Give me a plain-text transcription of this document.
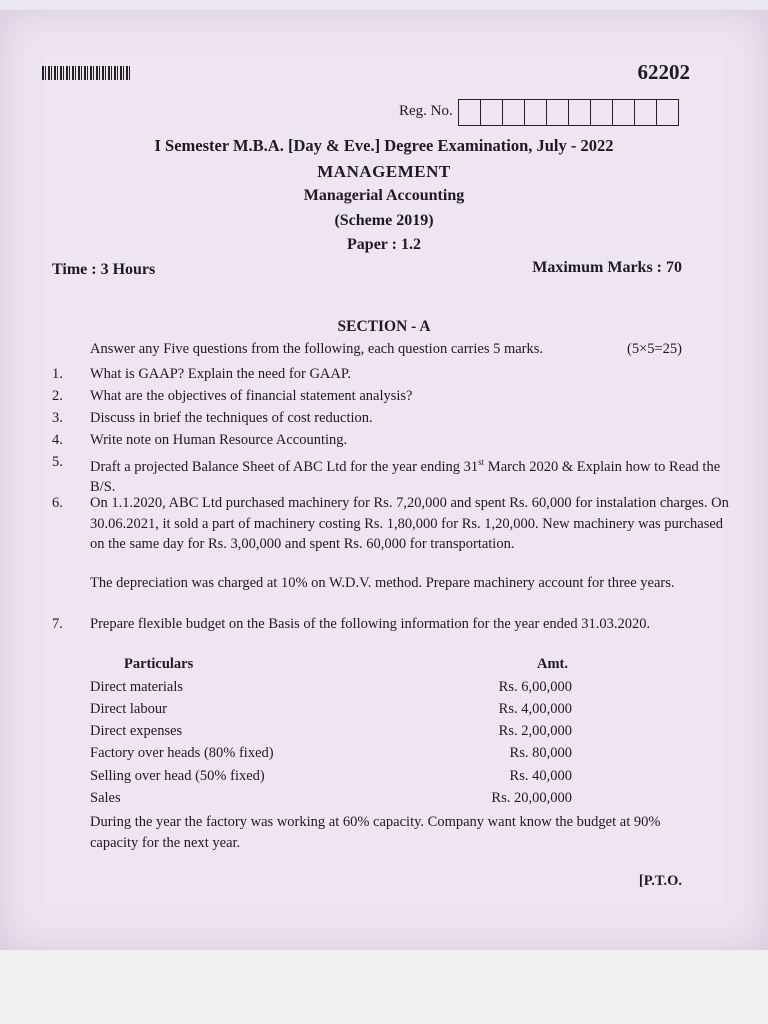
62202
Reg. No.
I Semester M.B.A. [Day & Eve.] Degree Examination, July - 2022
MANAGEMENT
Managerial Accounting
(Scheme 2019)
Paper : 1.2
Time : 3 Hours	Maximum Marks : 70
SECTION - A
Answer any Five questions from the following, each question carries 5 marks.	(5×5=25)
1.	What is GAAP? Explain the need for GAAP.
2.	What are the objectives of financial statement analysis?
3.	Discuss in brief the techniques of cost reduction.
4.	Write note on Human Resource Accounting.
5.	Draft a projected Balance Sheet of ABC Ltd for the year ending 31st March 2020 & Explain how to Read the B/S.
6.	On 1.1.2020, ABC Ltd purchased machinery for Rs. 7,20,000 and spent Rs. 60,000 for instalation charges. On 30.06.2021, it sold a part of machinery costing Rs. 1,80,000 for Rs. 1,20,000. New machinery was purchased on the same day for Rs. 3,00,000 and spent Rs. 60,000 for transportation.
The depreciation was charged at 10% on W.D.V. method. Prepare machinery account for three years.
7.	Prepare flexible budget on the Basis of the following information for the year ended 31.03.2020.
Particulars	Amt.
Direct materials	Rs. 6,00,000
Direct labour	Rs. 4,00,000
Direct expenses	Rs. 2,00,000
Factory over heads (80% fixed)	Rs. 80,000
Selling over head (50% fixed)	Rs. 40,000
Sales	Rs. 20,00,000
During the year the factory was working at 60% capacity. Company want know the budget at 90% capacity for the next year.
[P.T.O.
